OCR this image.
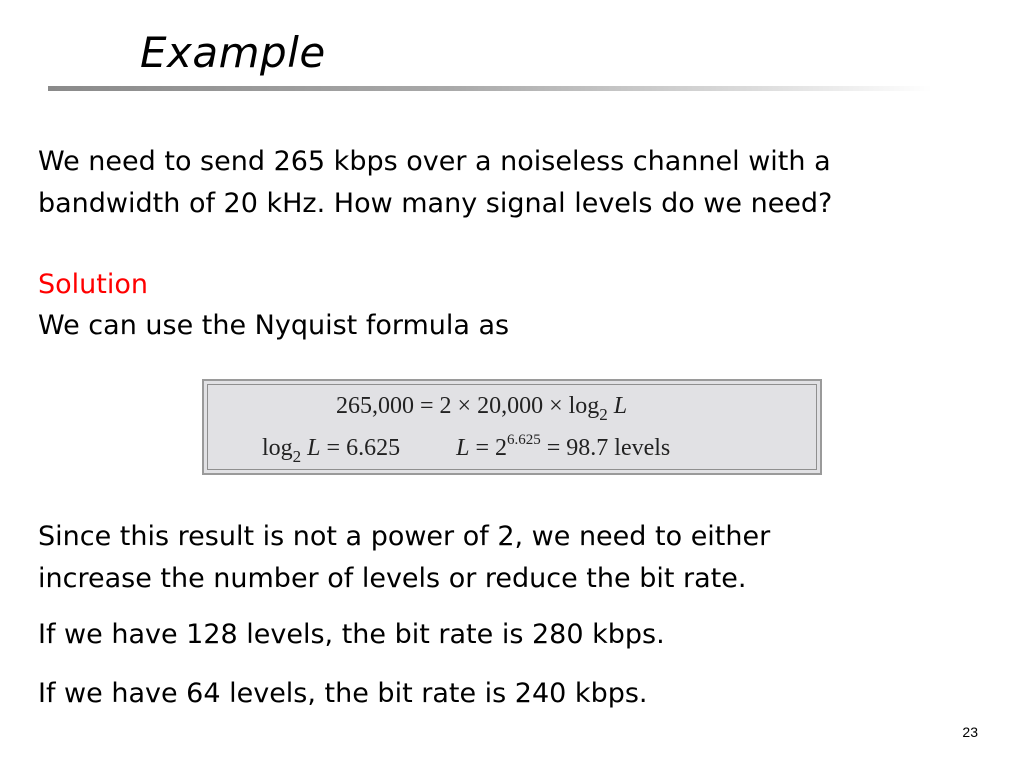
Example
We need to send 265 kbps over a noiseless channel with a
bandwidth of 20 kHz. How many signal levels do we need?
Solution
We can use the Nyquist formula as
$265,000 = 2 \times 20,000 \times \log_2 L$
$\log_2 L = 6.625$ $L = 2^{6.625} = 98.7$ levels
Since this result is not a power of 2, we need to either
increase the number of levels or reduce the bit rate.
If we have 128 levels, the bit rate is 280 kbps.
If we have 64 levels, the bit rate is 240 kbps.
23
